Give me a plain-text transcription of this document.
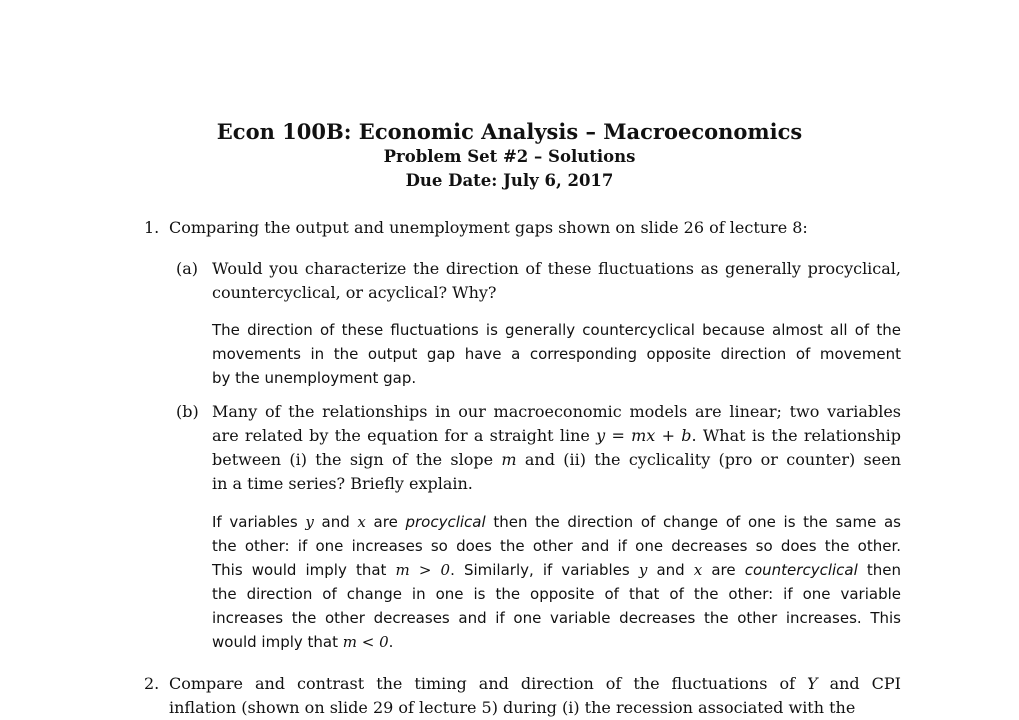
Econ 100B: Economic Analysis – Macroeconomics
Problem Set #2 – Solutions
Due Date: July 6, 2017
1. Comparing the output and unemployment gaps shown on slide 26 of lecture 8:
(a) Would you characterize the direction of these fluctuations as generally procyclical,
countercyclical, or acyclical? Why?
The direction of these fluctuations is generally countercyclical because almost all of the
movements in the output gap have a corresponding opposite direction of movement
by the unemployment gap.
(b) Many of the relationships in our macroeconomic models are linear; two variables
are related by the equation for a straight line y = mx + b. What is the relationship
between (i) the sign of the slope m and (ii) the cyclicality (pro or counter) seen
in a time series? Briefly explain.
If variables y and x are procyclical then the direction of change of one is the same as
the other: if one increases so does the other and if one decreases so does the other.
This would imply that m > 0. Similarly, if variables y and x are countercyclical then
the direction of change in one is the opposite of that of the other: if one variable
increases the other decreases and if one variable decreases the other increases. This
would imply that m < 0.
2. Compare and contrast the timing and direction of the fluctuations of Y and CPI
inflation (shown on slide 29 of lecture 5) during (i) the recession associated with the
